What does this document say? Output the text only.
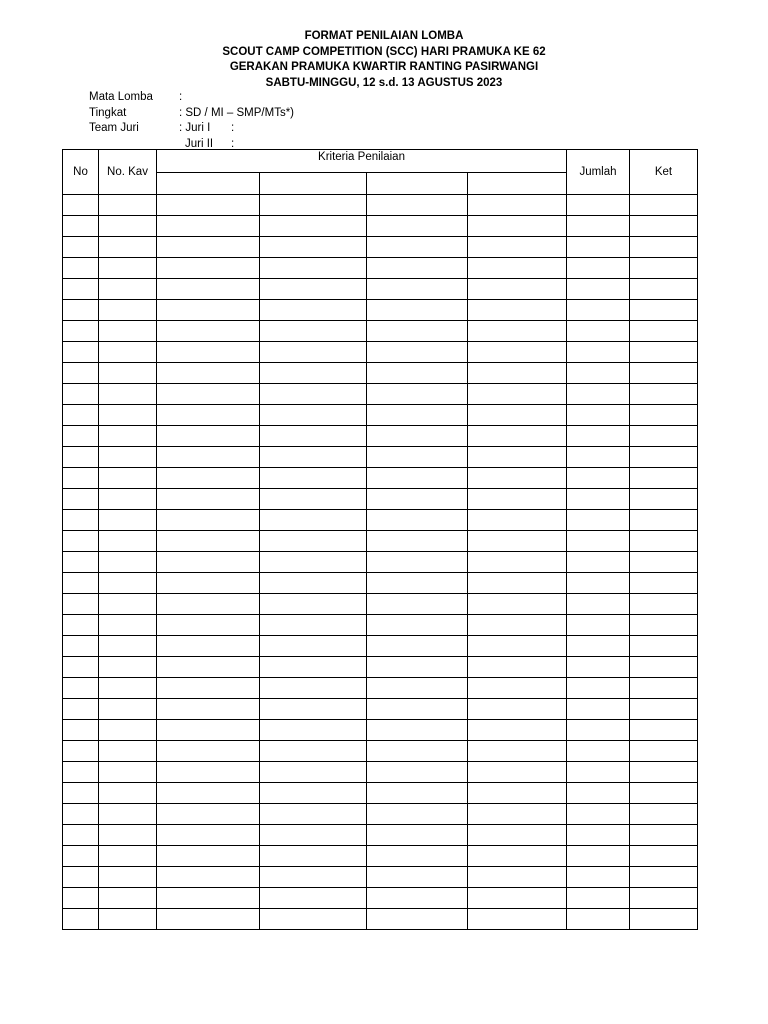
FORMAT PENILAIAN LOMBA
SCOUT CAMP COMPETITION (SCC) HARI PRAMUKA KE 62
GERAKAN PRAMUKA KWARTIR RANTING PASIRWANGI
SABTU-MINGGU, 12 s.d. 13 AGUSTUS 2023
Mata Lomba	:
Tingkat	: SD / MI – SMP/MTs*)
Team Juri	: Juri I	:
Juri II	:
No	No. Kav	Kriteria Penilaian				Jumlah	Ket
